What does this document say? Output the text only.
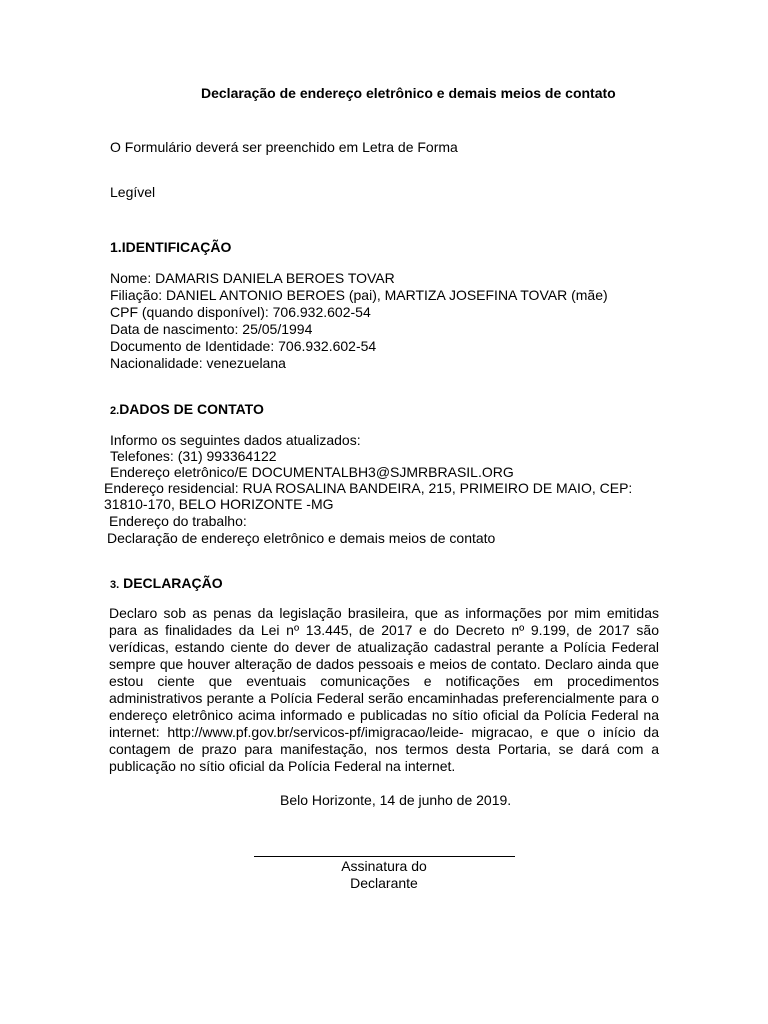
Declaração de endereço eletrônico e demais meios de contato
O Formulário deverá ser preenchido em Letra de Forma
Legível
1.IDENTIFICAÇÃO
Nome: DAMARIS DANIELA BEROES TOVAR
Filiação: DANIEL ANTONIO BEROES (pai), MARTIZA JOSEFINA TOVAR (mãe)
CPF (quando disponível): 706.932.602-54
Data de nascimento: 25/05/1994
Documento de Identidade: 706.932.602-54
Nacionalidade: venezuelana
2.DADOS DE CONTATO
Informo os seguintes dados atualizados:
Telefones: (31) 993364122
Endereço eletrônico/E DOCUMENTALBH3@SJMRBRASIL.ORG
Endereço residencial: RUA ROSALINA BANDEIRA, 215, PRIMEIRO DE MAIO, CEP:
31810-170, BELO HORIZONTE -MG
Endereço do trabalho:
Declaração de endereço eletrônico e demais meios de contato
3. DECLARAÇÃO
Declaro sob as penas da legislação brasileira, que as informações por mim emitidas para as finalidades da Lei nº 13.445, de 2017 e do Decreto nº 9.199, de 2017 são verídicas, estando ciente do dever de atualização cadastral perante a Polícia Federal sempre que houver alteração de dados pessoais e meios de contato. Declaro ainda que estou ciente que eventuais comunicações e notificações em procedimentos administrativos perante a Polícia Federal serão encaminhadas preferencialmente para o endereço eletrônico acima informado e publicadas no sítio oficial da Polícia Federal na internet: http://www.pf.gov.br/servicos-pf/imigracao/leide- migracao, e que o início da contagem de prazo para manifestação, nos termos desta Portaria, se dará com a publicação no sítio oficial da Polícia Federal na internet.
Belo Horizonte, 14 de junho de 2019.
Assinatura do
Declarante
